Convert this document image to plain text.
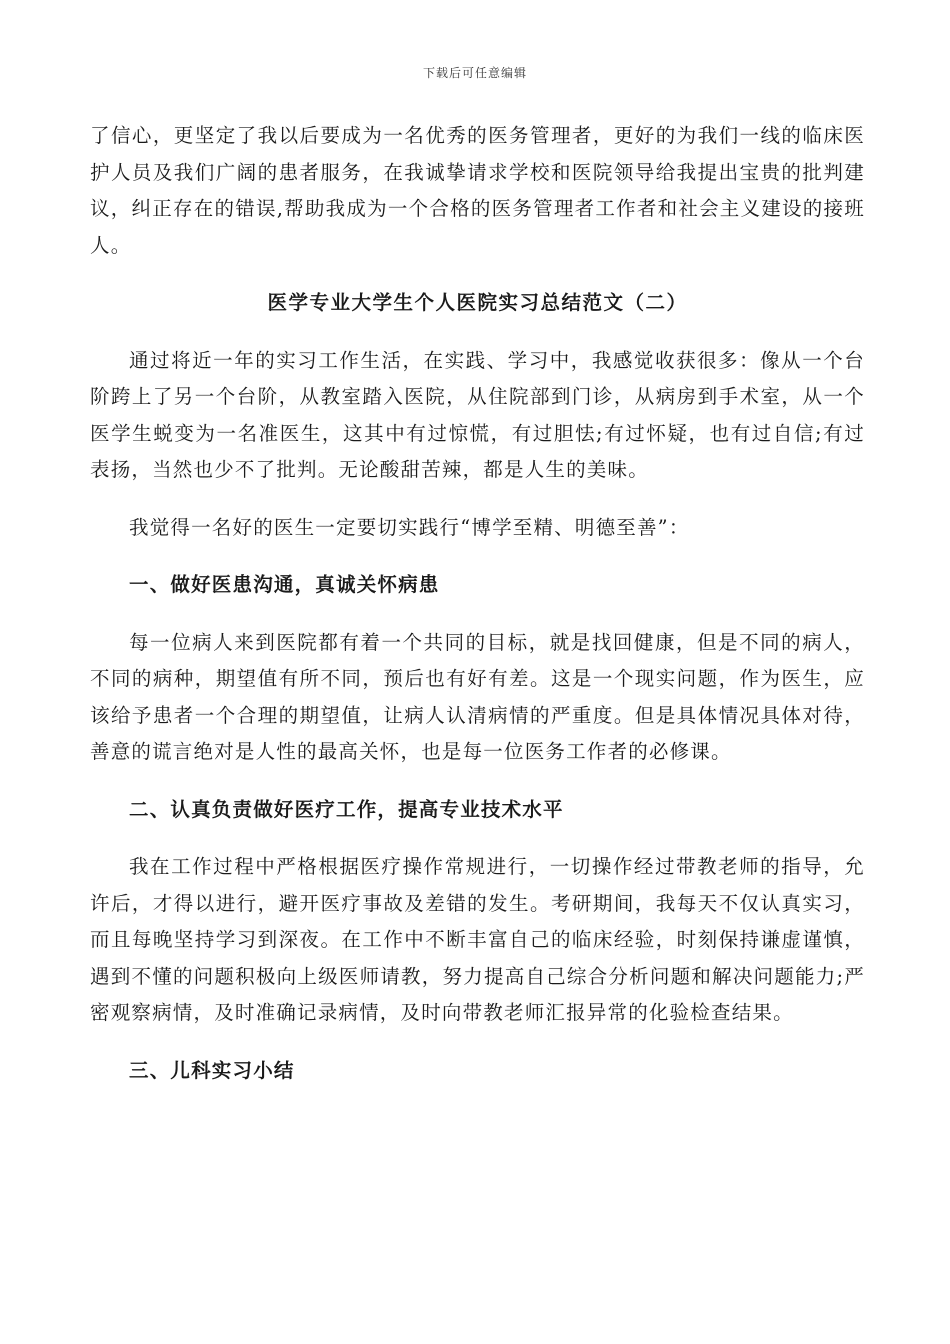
下载后可任意编辑

了信心，更坚定了我以后要成为一名优秀的医务管理者，更好的为我们一线的临床医护人员及我们广阔的患者服务，在我诚挚请求学校和医院领导给我提出宝贵的批判建议，纠正存在的错误,帮助我成为一个合格的医务管理者工作者和社会主义建设的接班人。

医学专业大学生个人医院实习总结范文（二）

通过将近一年的实习工作生活，在实践、学习中，我感觉收获很多：像从一个台阶跨上了另一个台阶，从教室踏入医院，从住院部到门诊，从病房到手术室，从一个医学生蜕变为一名准医生，这其中有过惊慌，有过胆怯;有过怀疑，也有过自信;有过表扬，当然也少不了批判。无论酸甜苦辣，都是人生的美味。

我觉得一名好的医生一定要切实践行“博学至精、明德至善”：

一、做好医患沟通，真诚关怀病患

每一位病人来到医院都有着一个共同的目标，就是找回健康，但是不同的病人，不同的病种，期望值有所不同，预后也有好有差。这是一个现实问题，作为医生，应该给予患者一个合理的期望值，让病人认清病情的严重度。但是具体情况具体对待，善意的谎言绝对是人性的最高关怀，也是每一位医务工作者的必修课。

二、认真负责做好医疗工作，提高专业技术水平

我在工作过程中严格根据医疗操作常规进行，一切操作经过带教老师的指导，允许后，才得以进行，避开医疗事故及差错的发生。考研期间，我每天不仅认真实习，而且每晚坚持学习到深夜。在工作中不断丰富自己的临床经验，时刻保持谦虚谨慎，遇到不懂的问题积极向上级医师请教，努力提高自己综合分析问题和解决问题能力;严密观察病情，及时准确记录病情，及时向带教老师汇报异常的化验检查结果。

三、儿科实习小结
